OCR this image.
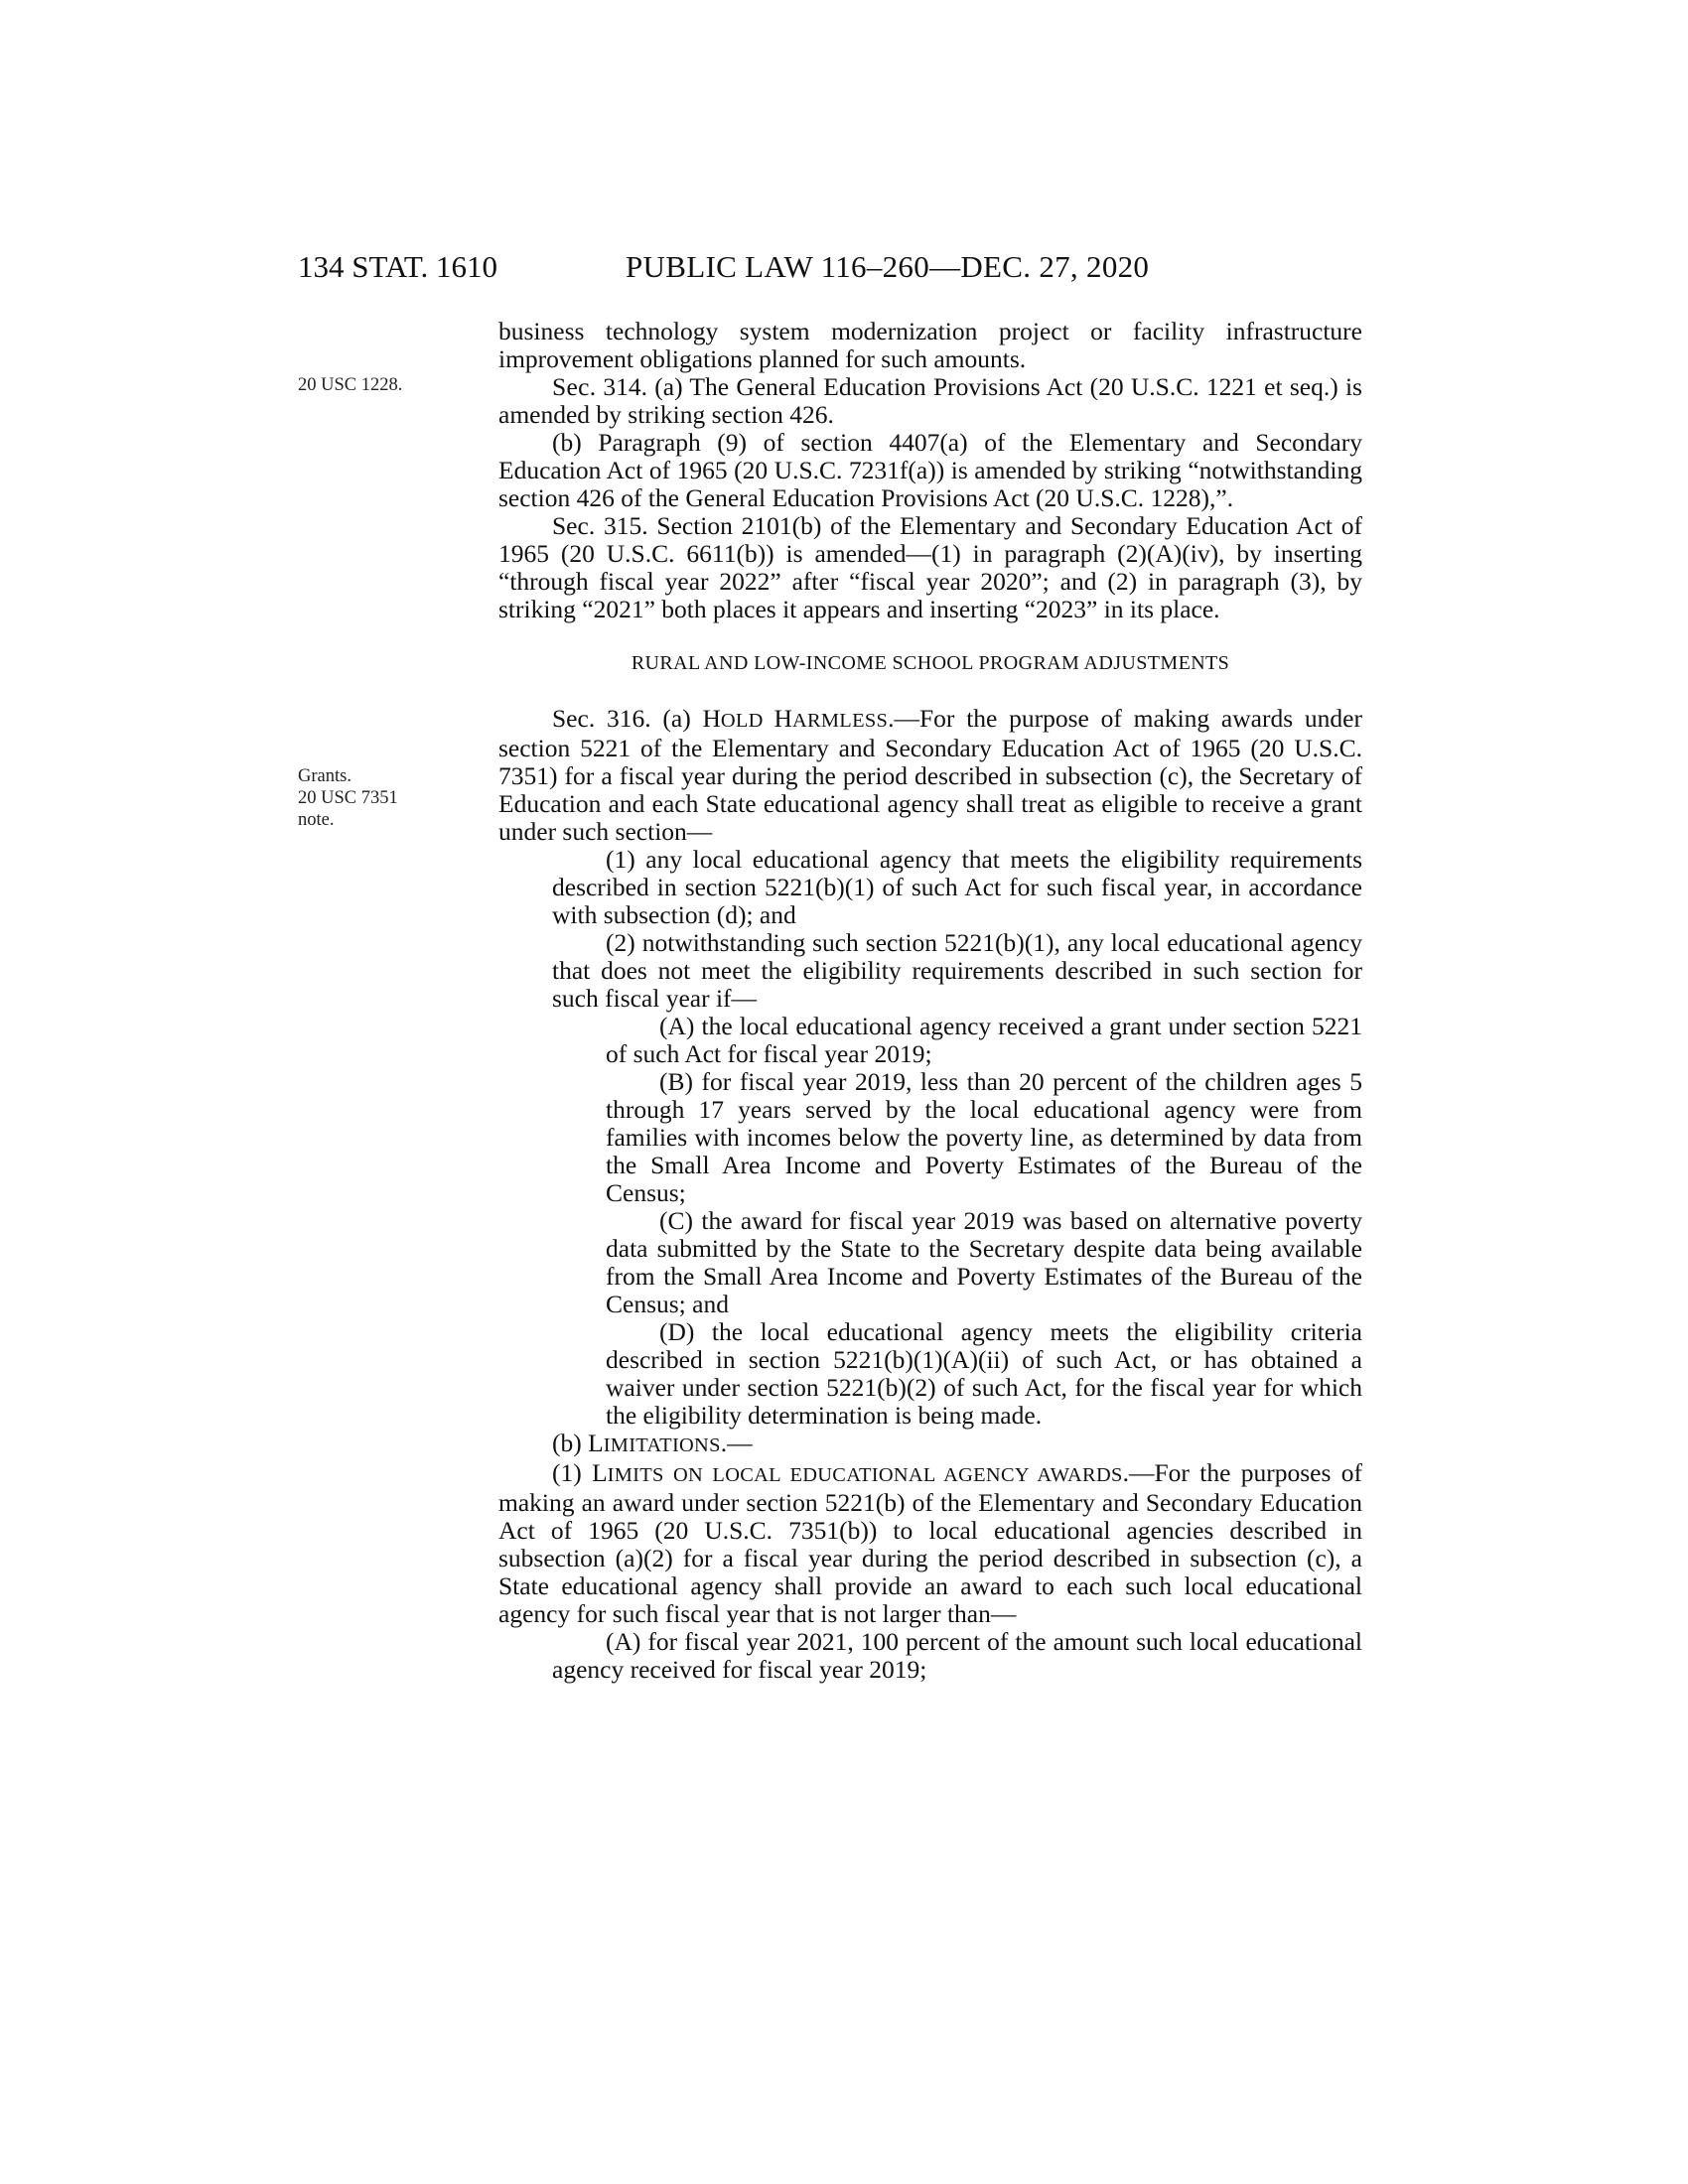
134 STAT. 1610	PUBLIC LAW 116–260—DEC. 27, 2020
20 USC 1228.
Grants.
20 USC 7351
note.

business technology system modernization project or facility infrastructure improvement obligations planned for such amounts.

Sec. 314. (a) The General Education Provisions Act (20 U.S.C. 1221 et seq.) is amended by striking section 426.

(b) Paragraph (9) of section 4407(a) of the Elementary and Secondary Education Act of 1965 (20 U.S.C. 7231f(a)) is amended by striking “notwithstanding section 426 of the General Education Provisions Act (20 U.S.C. 1228),”.

Sec. 315. Section 2101(b) of the Elementary and Secondary Education Act of 1965 (20 U.S.C. 6611(b)) is amended—(1) in paragraph (2)(A)(iv), by inserting “through fiscal year 2022” after “fiscal year 2020”; and (2) in paragraph (3), by striking “2021” both places it appears and inserting “2023” in its place.

RURAL AND LOW-INCOME SCHOOL PROGRAM ADJUSTMENTS

Sec. 316. (a) HOLD HARMLESS.—For the purpose of making awards under section 5221 of the Elementary and Secondary Education Act of 1965 (20 U.S.C. 7351) for a fiscal year during the period described in subsection (c), the Secretary of Education and each State educational agency shall treat as eligible to receive a grant under such section—

(1) any local educational agency that meets the eligibility requirements described in section 5221(b)(1) of such Act for such fiscal year, in accordance with subsection (d); and

(2) notwithstanding such section 5221(b)(1), any local educational agency that does not meet the eligibility requirements described in such section for such fiscal year if—

(A) the local educational agency received a grant under section 5221 of such Act for fiscal year 2019;

(B) for fiscal year 2019, less than 20 percent of the children ages 5 through 17 years served by the local educational agency were from families with incomes below the poverty line, as determined by data from the Small Area Income and Poverty Estimates of the Bureau of the Census;

(C) the award for fiscal year 2019 was based on alternative poverty data submitted by the State to the Secretary despite data being available from the Small Area Income and Poverty Estimates of the Bureau of the Census; and

(D) the local educational agency meets the eligibility criteria described in section 5221(b)(1)(A)(ii) of such Act, or has obtained a waiver under section 5221(b)(2) of such Act, for the fiscal year for which the eligibility determination is being made.

(b) LIMITATIONS.—

(1) LIMITS ON LOCAL EDUCATIONAL AGENCY AWARDS.—For the purposes of making an award under section 5221(b) of the Elementary and Secondary Education Act of 1965 (20 U.S.C. 7351(b)) to local educational agencies described in subsection (a)(2) for a fiscal year during the period described in subsection (c), a State educational agency shall provide an award to each such local educational agency for such fiscal year that is not larger than—

(A) for fiscal year 2021, 100 percent of the amount such local educational agency received for fiscal year 2019;
